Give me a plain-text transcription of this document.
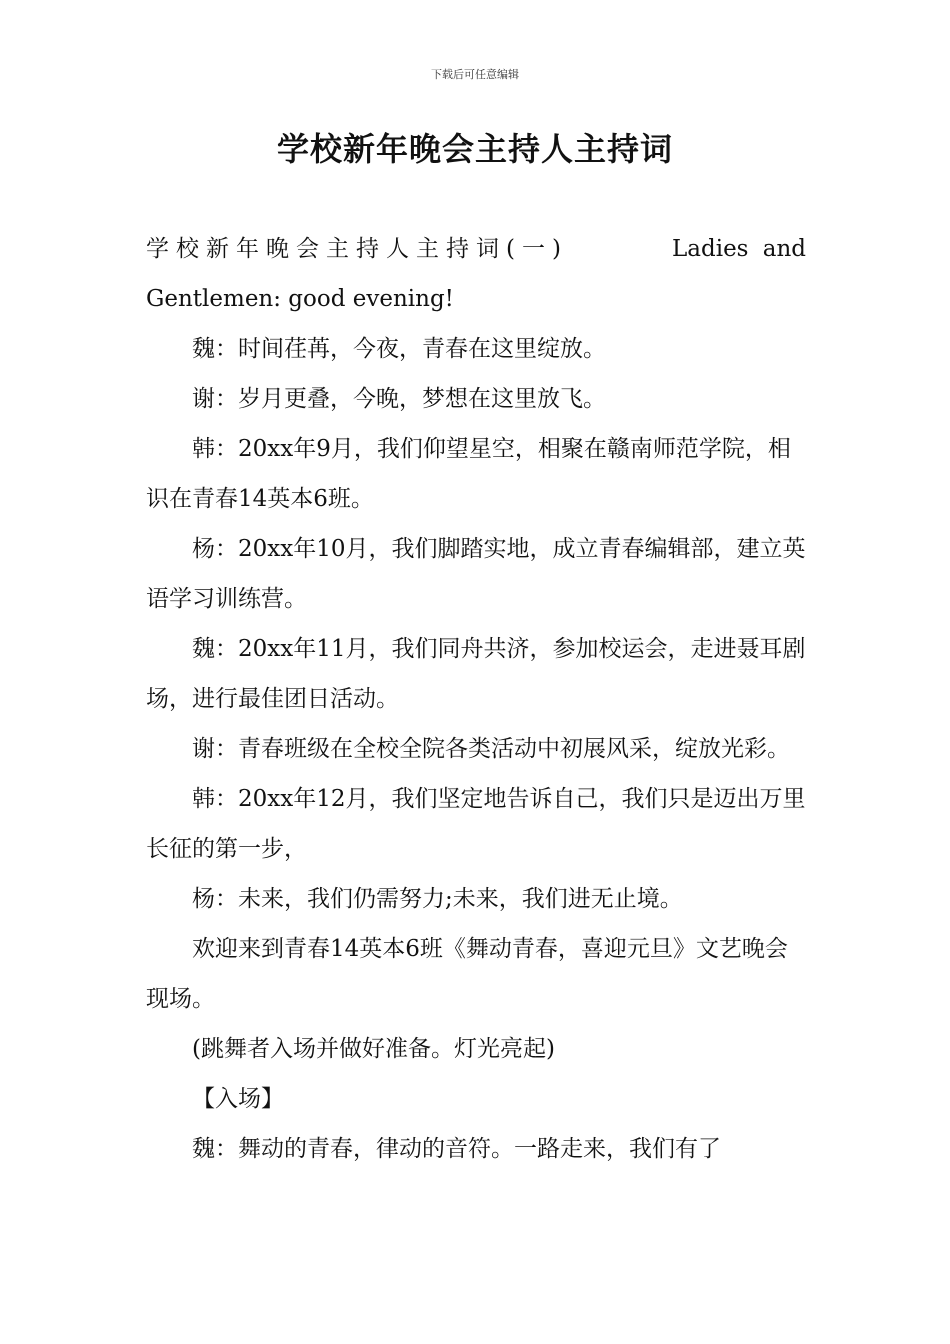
下载后可任意编辑
学校新年晚会主持人主持词

学校新年晚会主持人主持词(一)	Ladies and
Gentlemen: good evening!

魏：时间荏苒，今夜，青春在这里绽放。

谢：岁月更叠，今晚，梦想在这里放飞。

韩：20xx年9月，我们仰望星空，相聚在赣南师范学院，相识在青春14英本6班。

杨：20xx年10月，我们脚踏实地，成立青春编辑部，建立英语学习训练营。

魏：20xx年11月，我们同舟共济，参加校运会，走进聂耳剧场，进行最佳团日活动。

谢：青春班级在全校全院各类活动中初展风采，绽放光彩。

韩：20xx年12月，我们坚定地告诉自己，我们只是迈出万里长征的第一步，

杨：未来，我们仍需努力;未来，我们进无止境。

欢迎来到青春14英本6班《舞动青春，喜迎元旦》文艺晚会现场。

(跳舞者入场并做好准备。灯光亮起)

【入场】

魏：舞动的青春，律动的音符。一路走来，我们有了
